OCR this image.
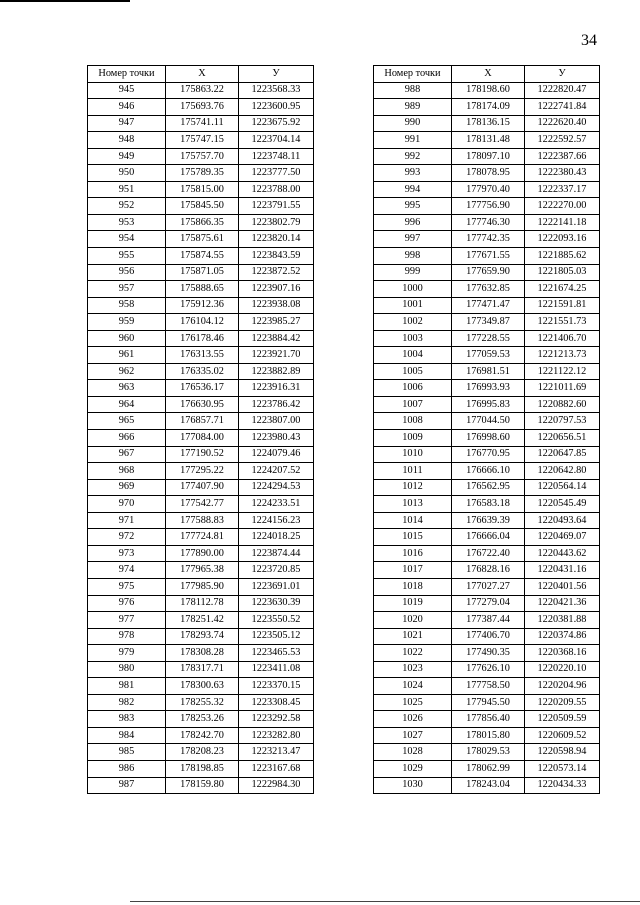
34
Номер точки	X	У
945	175863.22	1223568.33
946	175693.76	1223600.95
947	175741.11	1223675.92
948	175747.15	1223704.14
949	175757.70	1223748.11
950	175789.35	1223777.50
951	175815.00	1223788.00
952	175845.50	1223791.55
953	175866.35	1223802.79
954	175875.61	1223820.14
955	175874.55	1223843.59
956	175871.05	1223872.52
957	175888.65	1223907.16
958	175912.36	1223938.08
959	176104.12	1223985.27
960	176178.46	1223884.42
961	176313.55	1223921.70
962	176335.02	1223882.89
963	176536.17	1223916.31
964	176630.95	1223786.42
965	176857.71	1223807.00
966	177084.00	1223980.43
967	177190.52	1224079.46
968	177295.22	1224207.52
969	177407.90	1224294.53
970	177542.77	1224233.51
971	177588.83	1224156.23
972	177724.81	1224018.25
973	177890.00	1223874.44
974	177965.38	1223720.85
975	177985.90	1223691.01
976	178112.78	1223630.39
977	178251.42	1223550.52
978	178293.74	1223505.12
979	178308.28	1223465.53
980	178317.71	1223411.08
981	178300.63	1223370.15
982	178255.32	1223308.45
983	178253.26	1223292.58
984	178242.70	1223282.80
985	178208.23	1223213.47
986	178198.85	1223167.68
987	178159.80	1222984.30
Номер точки	X	У
988	178198.60	1222820.47
989	178174.09	1222741.84
990	178136.15	1222620.40
991	178131.48	1222592.57
992	178097.10	1222387.66
993	178078.95	1222380.43
994	177970.40	1222337.17
995	177756.90	1222270.00
996	177746.30	1222141.18
997	177742.35	1222093.16
998	177671.55	1221885.62
999	177659.90	1221805.03
1000	177632.85	1221674.25
1001	177471.47	1221591.81
1002	177349.87	1221551.73
1003	177228.55	1221406.70
1004	177059.53	1221213.73
1005	176981.51	1221122.12
1006	176993.93	1221011.69
1007	176995.83	1220882.60
1008	177044.50	1220797.53
1009	176998.60	1220656.51
1010	176770.95	1220647.85
1011	176666.10	1220642.80
1012	176562.95	1220564.14
1013	176583.18	1220545.49
1014	176639.39	1220493.64
1015	176666.04	1220469.07
1016	176722.40	1220443.62
1017	176828.16	1220431.16
1018	177027.27	1220401.56
1019	177279.04	1220421.36
1020	177387.44	1220381.88
1021	177406.70	1220374.86
1022	177490.35	1220368.16
1023	177626.10	1220220.10
1024	177758.50	1220204.96
1025	177945.50	1220209.55
1026	177856.40	1220509.59
1027	178015.80	1220609.52
1028	178029.53	1220598.94
1029	178062.99	1220573.14
1030	178243.04	1220434.33
